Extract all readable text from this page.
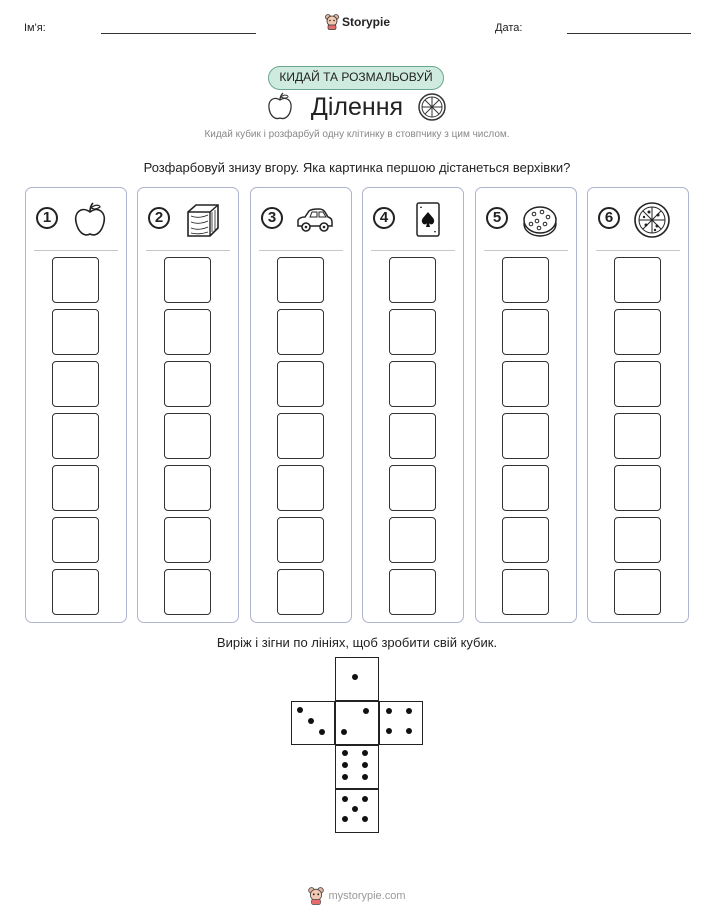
Ім'я:	Storypie	Дата:
КИДАЙ ТА РОЗМАЛЬОВУЙ
Ділення
Кидай кубик і розфарбуй одну клітинку в стовпчику з цим числом.
Розфарбовуй знизу вгору. Яка картинка першою дістанеться верхівки?
1	2	3	4	5	6
Виріж і зігни по лініях, щоб зробити свій кубик.
mystorypie.com
